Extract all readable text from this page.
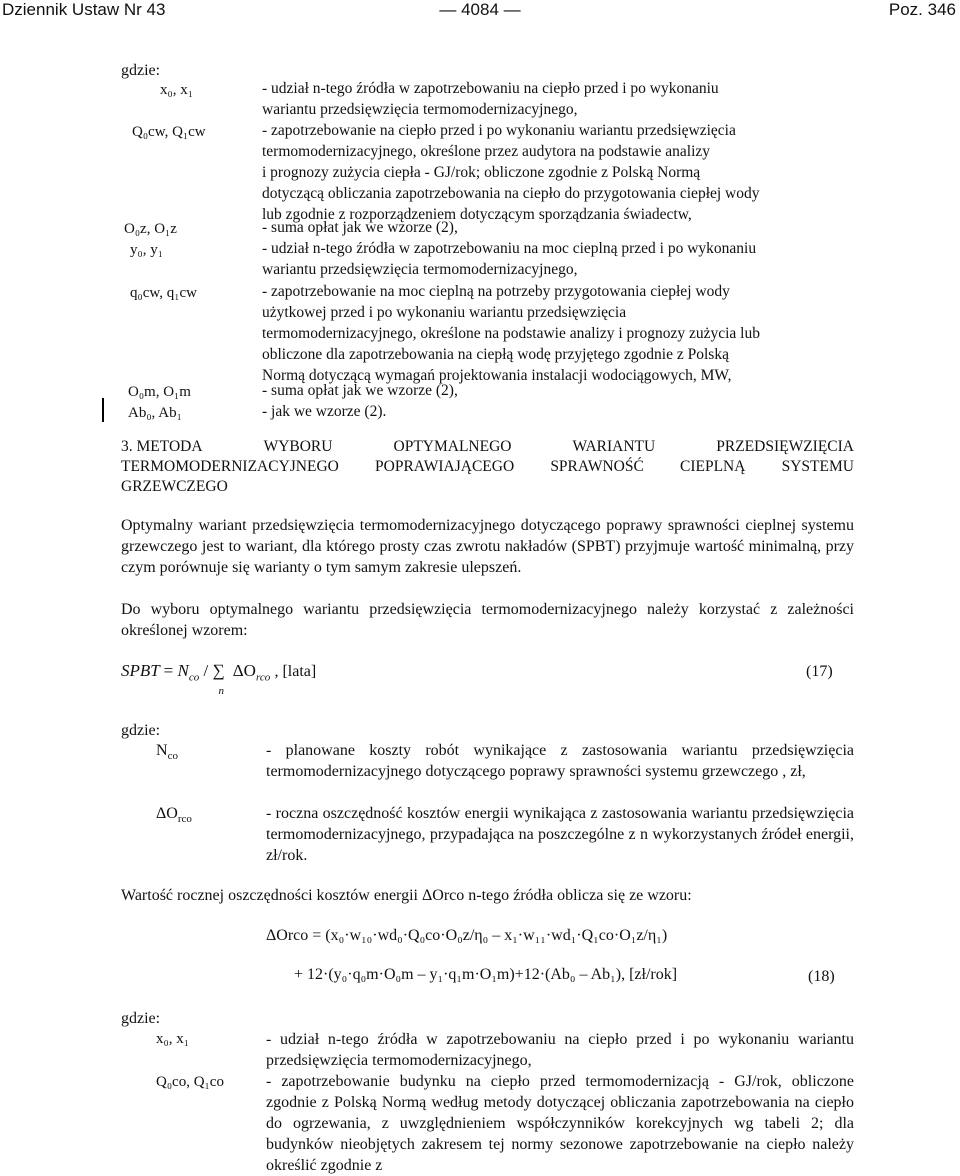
Dziennik Ustaw Nr 43	— 4084 —	Poz. 346
gdzie:
x₀, x₁	- udział n-tego źródła w zapotrzebowaniu na ciepło przed i po wykonaniu
wariantu przedsięwzięcia termomodernizacyjnego,
Q₀cw, Q₁cw	- zapotrzebowanie na ciepło przed i po wykonaniu wariantu przedsięwzięcia
termomodernizacyjnego, określone przez audytora na podstawie analizy
i prognozy zużycia ciepła - GJ/rok; obliczone zgodnie z Polską Normą
dotyczącą obliczania zapotrzebowania na ciepło do przygotowania ciepłej wody
lub zgodnie z rozporządzeniem dotyczącym sporządzania świadectw,
O₀z, O₁z	- suma opłat jak we wzorze (2),
y₀, y₁	- udział n-tego źródła w zapotrzebowaniu na moc cieplną przed i po wykonaniu
wariantu przedsięwzięcia termomodernizacyjnego,
q₀cw, q₁cw	- zapotrzebowanie na moc cieplną na potrzeby przygotowania ciepłej wody
użytkowej przed i po wykonaniu wariantu przedsięwzięcia
termomodernizacyjnego, określone na podstawie analizy i prognozy zużycia lub
obliczone dla zapotrzebowania na ciepłą wodę przyjętego zgodnie z Polską
Normą dotyczącą wymagań projektowania instalacji wodociągowych, MW,
O₀m, O₁m	- suma opłat jak we wzorze (2),
Ab₀, Ab₁	- jak we wzorze (2).
3. METODA	WYBORU	OPTYMALNEGO	WARIANTU	PRZEDSIĘWZIĘCIA
TERMOMODERNIZACYJNEGO POPRAWIAJĄCEGO SPRAWNOŚĆ CIEPLNĄ SYSTEMU
GRZEWCZEGO
Optymalny wariant przedsięwzięcia termomodernizacyjnego dotyczącego poprawy sprawności cieplnej systemu grzewczego jest to wariant, dla którego prosty czas zwrotu nakładów (SPBT) przyjmuje wartość minimalną, przy czym porównuje się warianty o tym samym zakresie ulepszeń.
Do wyboru optymalnego wariantu przedsięwzięcia termomodernizacyjnego należy korzystać z zależności określonej wzorem:
SPBT = $N_{co}$ / ∑
n
$\Delta O_{rco}$ , [lata]	(17)
gdzie:
$N_{co}$	- planowane koszty robót wynikające z zastosowania wariantu przedsięwzięcia termomodernizacyjnego dotyczącego poprawy sprawności systemu grzewczego , zł,
$\Delta O_{rco}$	- roczna oszczędność kosztów energii wynikająca z zastosowania wariantu przedsięwzięcia termomodernizacyjnego, przypadająca na poszczególne z n wykorzystanych źródeł energii, zł/rok.
Wartość rocznej oszczędności kosztów energii ΔOrco n-tego źródła oblicza się ze wzoru:
ΔOrco = (x₀·w₁₀·wd₀·Q₀co·O₀z/η₀ – x₁·w₁₁·wd₁·Q₁co·O₁z/η₁)
+ 12·(y₀·q₀m·O₀m – y₁·q₁m·O₁m)+12·(Ab₀ – Ab₁), [zł/rok]	(18)
gdzie:
x₀, x₁	- udział n-tego źródła w zapotrzebowaniu na ciepło przed i po wykonaniu wariantu przedsięwzięcia termomodernizacyjnego,
Q₀co, Q₁co	- zapotrzebowanie budynku na ciepło przed termomodernizacją - GJ/rok, obliczone zgodnie z Polską Normą według metody dotyczącej obliczania zapotrzebowania na ciepło do ogrzewania, z uwzględnieniem współczynników korekcyjnych wg tabeli 2; dla budynków nieobjętych zakresem tej normy sezonowe zapotrzebowanie na ciepło należy określić zgodnie z
